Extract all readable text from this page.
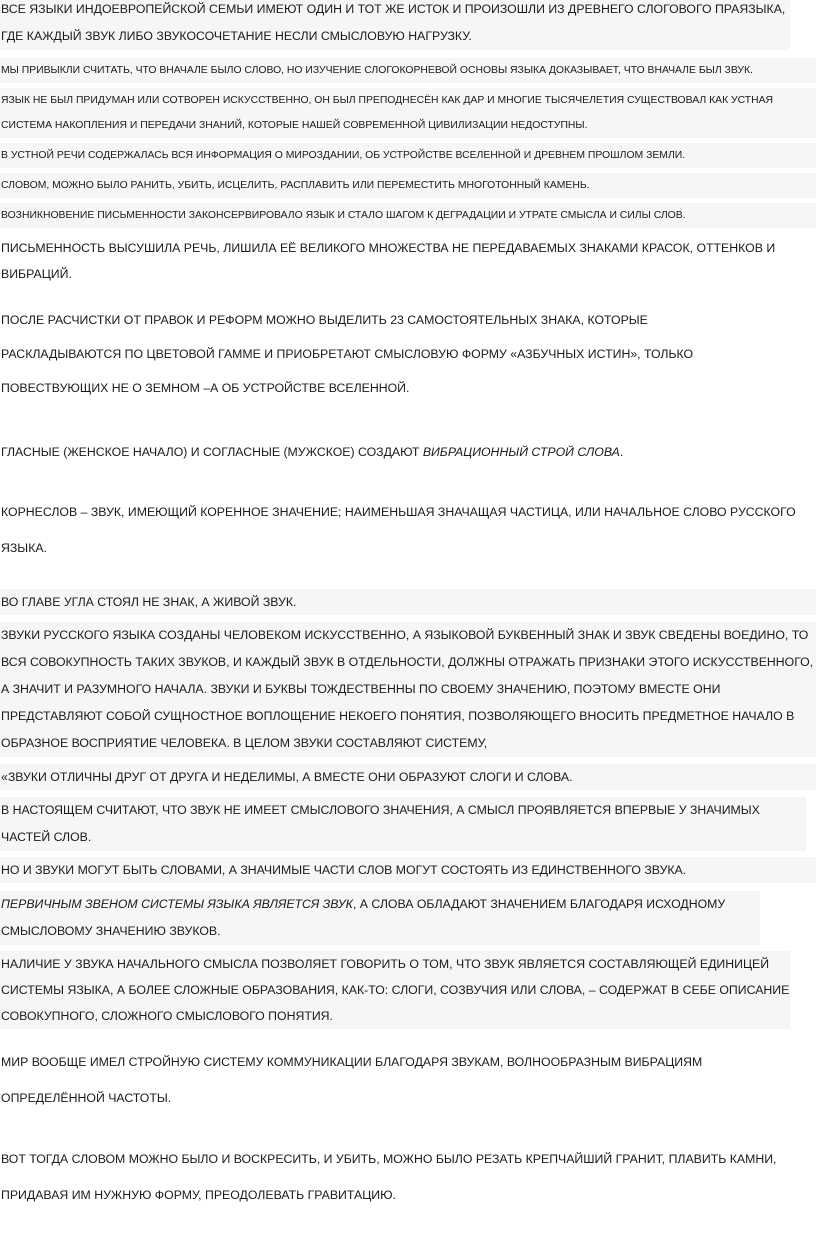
ВСЕ ЯЗЫКИ ИНДОЕВРОПЕЙСКОЙ СЕМЬИ ИМЕЮТ ОДИН И ТОТ ЖЕ ИСТОК И ПРОИЗОШЛИ ИЗ ДРЕВНЕГО СЛОГОВОГО ПРАЯЗЫКА, ГДЕ КАЖДЫЙ ЗВУК ЛИБО ЗВУКОСОЧЕТАНИЕ НЕСЛИ СМЫСЛОВУЮ НАГРУЗКУ.

МЫ ПРИВЫКЛИ СЧИТАТЬ, ЧТО ВНАЧАЛЕ БЫЛО СЛОВО, НО ИЗУЧЕНИЕ СЛОГОКОРНЕВОЙ ОСНОВЫ ЯЗЫКА ДОКАЗЫВАЕТ, ЧТО ВНАЧАЛЕ БЫЛ ЗВУК.

ЯЗЫК НЕ БЫЛ ПРИДУМАН ИЛИ СОТВОРЕН ИСКУССТВЕННО, ОН БЫЛ ПРЕПОДНЕСЁН КАК ДАР И МНОГИЕ ТЫСЯЧЕЛЕТИЯ СУЩЕСТВОВАЛ КАК УСТНАЯ СИСТЕМА НАКОПЛЕНИЯ И ПЕРЕДАЧИ ЗНАНИЙ, КОТОРЫЕ НАШЕЙ СОВРЕМЕННОЙ ЦИВИЛИЗАЦИИ НЕДОСТУПНЫ.

В УСТНОЙ РЕЧИ СОДЕРЖАЛАСЬ ВСЯ ИНФОРМАЦИЯ О МИРОЗДАНИИ, ОБ УСТРОЙСТВЕ ВСЕЛЕННОЙ И ДРЕВНЕМ ПРОШЛОМ ЗЕМЛИ.

СЛОВОМ, МОЖНО БЫЛО РАНИТЬ, УБИТЬ, ИСЦЕЛИТЬ, РАСПЛАВИТЬ ИЛИ ПЕРЕМЕСТИТЬ МНОГОТОННЫЙ КАМЕНЬ.

ВОЗНИКНОВЕНИЕ ПИСЬМЕННОСТИ ЗАКОНСЕРВИРОВАЛО ЯЗЫК И СТАЛО ШАГОМ К ДЕГРАДАЦИИ И УТРАТЕ СМЫСЛА И СИЛЫ СЛОВ.

ПИСЬМЕННОСТЬ ВЫСУШИЛА РЕЧЬ, ЛИШИЛА ЕЁ ВЕЛИКОГО МНОЖЕСТВА НЕ ПЕРЕДАВАЕМЫХ ЗНАКАМИ КРАСОК, ОТТЕНКОВ И ВИБРАЦИЙ.

ПОСЛЕ РАСЧИСТКИ ОТ ПРАВОК И РЕФОРМ МОЖНО ВЫДЕЛИТЬ 23 САМОСТОЯТЕЛЬНЫХ ЗНАКА, КОТОРЫЕ РАСКЛАДЫВАЮТСЯ ПО ЦВЕТОВОЙ ГАММЕ И ПРИОБРЕТАЮТ СМЫСЛОВУЮ ФОРМУ «АЗБУЧНЫХ ИСТИН», ТОЛЬКО ПОВЕСТВУЮЩИХ НЕ О ЗЕМНОМ –А ОБ УСТРОЙСТВЕ ВСЕЛЕННОЙ.

ГЛАСНЫЕ (ЖЕНСКОЕ НАЧАЛО) И СОГЛАСНЫЕ (МУЖСКОЕ) СОЗДАЮТ ВИБРАЦИОННЫЙ СТРОЙ СЛОВА.

КОРНЕСЛОВ – ЗВУК, ИМЕЮЩИЙ КОРЕННОЕ ЗНАЧЕНИЕ; НАИМЕНЬШАЯ ЗНАЧАЩАЯ ЧАСТИЦА, ИЛИ НАЧАЛЬНОЕ СЛОВО РУССКОГО ЯЗЫКА.

ВО ГЛАВЕ УГЛА СТОЯЛ НЕ ЗНАК, А ЖИВОЙ ЗВУК.

ЗВУКИ РУССКОГО ЯЗЫКА СОЗДАНЫ ЧЕЛОВЕКОМ ИСКУССТВЕННО, А ЯЗЫКОВОЙ БУКВЕННЫЙ ЗНАК И ЗВУК СВЕДЕНЫ ВОЕДИНО, ТО ВСЯ СОВОКУПНОСТЬ ТАКИХ ЗВУКОВ, И КАЖДЫЙ ЗВУК В ОТДЕЛЬНОСТИ, ДОЛЖНЫ ОТРАЖАТЬ ПРИЗНАКИ ЭТОГО ИСКУССТВЕННОГО, А ЗНАЧИТ И РАЗУМНОГО НАЧАЛА. ЗВУКИ И БУКВЫ ТОЖДЕСТВЕННЫ ПО СВОЕМУ ЗНАЧЕНИЮ, ПОЭТОМУ ВМЕСТЕ ОНИ ПРЕДСТАВЛЯЮТ СОБОЙ СУЩНОСТНОЕ ВОПЛОЩЕНИЕ НЕКОЕГО ПОНЯТИЯ, ПОЗВОЛЯЮЩЕГО ВНОСИТЬ ПРЕДМЕТНОЕ НАЧАЛО В ОБРАЗНОЕ ВОСПРИЯТИЕ ЧЕЛОВЕКА. В ЦЕЛОМ ЗВУКИ СОСТАВЛЯЮТ СИСТЕМУ,

«ЗВУКИ ОТЛИЧНЫ ДРУГ ОТ ДРУГА И НЕДЕЛИМЫ, А ВМЕСТЕ ОНИ ОБРАЗУЮТ СЛОГИ И СЛОВА.

В НАСТОЯЩЕМ СЧИТАЮТ, ЧТО ЗВУК НЕ ИМЕЕТ СМЫСЛОВОГО ЗНАЧЕНИЯ, А СМЫСЛ ПРОЯВЛЯЕТСЯ ВПЕРВЫЕ У ЗНАЧИМЫХ ЧАСТЕЙ СЛОВ.

НО И ЗВУКИ МОГУТ БЫТЬ СЛОВАМИ, А ЗНАЧИМЫЕ ЧАСТИ СЛОВ МОГУТ СОСТОЯТЬ ИЗ ЕДИНСТВЕННОГО ЗВУКА.

ПЕРВИЧНЫМ ЗВЕНОМ СИСТЕМЫ ЯЗЫКА ЯВЛЯЕТСЯ ЗВУК, А СЛОВА ОБЛАДАЮТ ЗНАЧЕНИЕМ БЛАГОДАРЯ ИСХОДНОМУ СМЫСЛОВОМУ ЗНАЧЕНИЮ ЗВУКОВ.

НАЛИЧИЕ У ЗВУКА НАЧАЛЬНОГО СМЫСЛА ПОЗВОЛЯЕТ ГОВОРИТЬ О ТОМ, ЧТО ЗВУК ЯВЛЯЕТСЯ СОСТАВЛЯЮЩЕЙ ЕДИНИЦЕЙ СИСТЕМЫ ЯЗЫКА, А БОЛЕЕ СЛОЖНЫЕ ОБРАЗОВАНИЯ, КАК-ТО: СЛОГИ, СОЗВУЧИЯ ИЛИ СЛОВА, – СОДЕРЖАТ В СЕБЕ ОПИСАНИЕ СОВОКУПНОГО, СЛОЖНОГО СМЫСЛОВОГО ПОНЯТИЯ.

МИР ВООБЩЕ ИМЕЛ СТРОЙНУЮ СИСТЕМУ КОММУНИКАЦИИ БЛАГОДАРЯ ЗВУКАМ, ВОЛНООБРАЗНЫМ ВИБРАЦИЯМ ОПРЕДЕЛЁННОЙ ЧАСТОТЫ.

ВОТ ТОГДА СЛОВОМ МОЖНО БЫЛО И ВОСКРЕСИТЬ, И УБИТЬ, МОЖНО БЫЛО РЕЗАТЬ КРЕПЧАЙШИЙ ГРАНИТ, ПЛАВИТЬ КАМНИ, ПРИДАВАЯ ИМ НУЖНУЮ ФОРМУ, ПРЕОДОЛЕВАТЬ ГРАВИТАЦИЮ.
